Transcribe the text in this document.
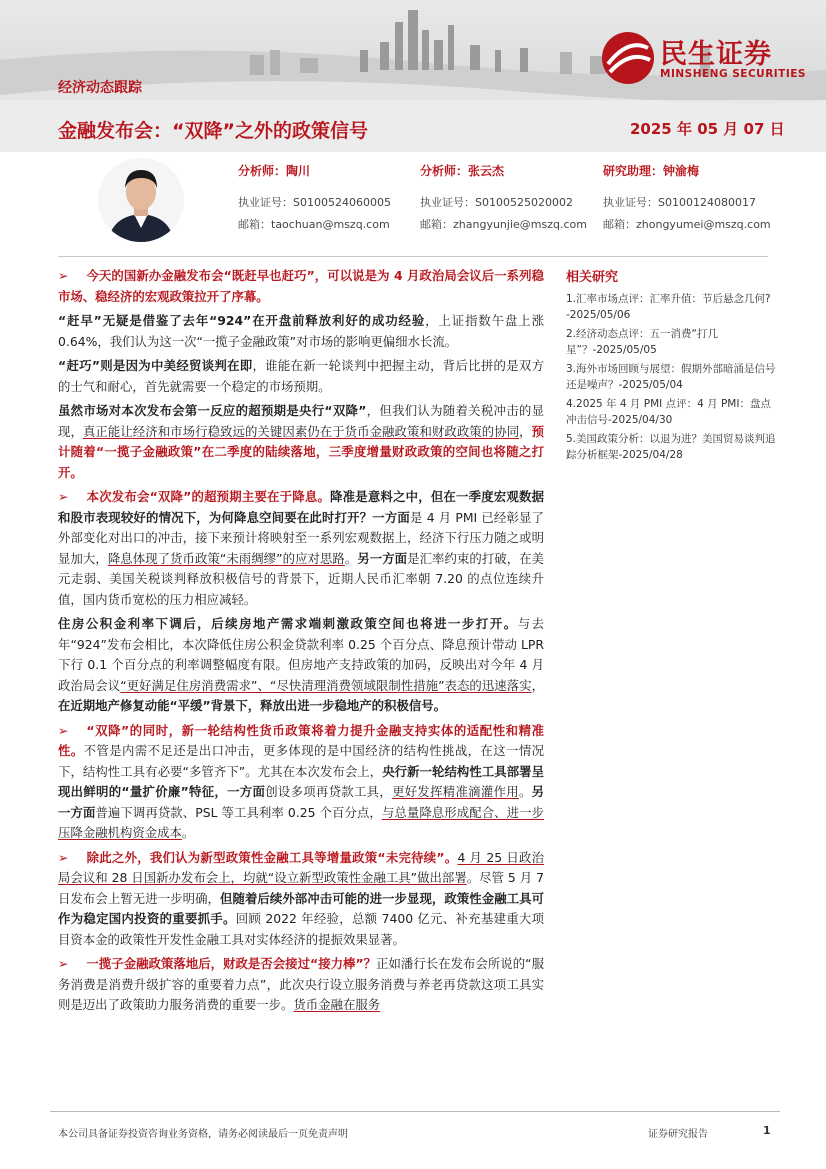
民生证券
MINSHENG SECURITIES
经济动态跟踪
金融发布会：“双降”之外的政策信号	2025 年 05 月 07 日
分析师：陶川
执业证号：S0100524060005
邮箱：taochuan@mszq.com
分析师：张云杰
执业证号：S0100525020002
邮箱：zhangyunjie@mszq.com
研究助理：钟渝梅
执业证号：S0100124080017
邮箱：zhongyumei@mszq.com

➢ 今天的国新办金融发布会“既赶早也赶巧”，可以说是为 4 月政治局会议后一系列稳市场、稳经济的宏观政策拉开了序幕。

“赶早”无疑是借鉴了去年“924”在开盘前释放利好的成功经验，上证指数午盘上涨 0.64%，我们认为这一次“一揽子金融政策”对市场的影响更偏细水长流。

“赶巧”则是因为中美经贸谈判在即，谁能在新一轮谈判中把握主动，背后比拼的是双方的士气和耐心，首先就需要一个稳定的市场预期。

虽然市场对本次发布会第一反应的超预期是央行“双降”，但我们认为随着关税冲击的显现，真正能让经济和市场行稳致远的关键因素仍在于货币金融政策和财政政策的协同，预计随着“一揽子金融政策”在二季度的陆续落地，三季度增量财政政策的空间也将随之打开。

➢ 本次发布会“双降”的超预期主要在于降息。降准是意料之中，但在一季度宏观数据和股市表现较好的情况下，为何降息空间要在此时打开？一方面是 4 月 PMI 已经彰显了外部变化对出口的冲击，接下来预计将映射至一系列宏观数据上，经济下行压力随之或明显加大，降息体现了货币政策“未雨绸缪”的应对思路。另一方面是汇率约束的打破，在美元走弱、美国关税谈判释放积极信号的背景下，近期人民币汇率朝 7.20 的点位连续升值，国内货币宽松的压力相应减轻。

住房公积金利率下调后，后续房地产需求端刺激政策空间也将进一步打开。与去年“924”发布会相比，本次降低住房公积金贷款利率 0.25 个百分点、降息预计带动 LPR 下行 0.1 个百分点的利率调整幅度有限。但房地产支持政策的加码，反映出对今年 4 月政治局会议“更好满足住房消费需求”、“尽快清理消费领域限制性措施”表态的迅速落实，在近期地产修复动能“平缓”背景下，释放出进一步稳地产的积极信号。

➢ “双降”的同时，新一轮结构性货币政策将着力提升金融支持实体的适配性和精准性。不管是内需不足还是出口冲击，更多体现的是中国经济的结构性挑战，在这一情况下，结构性工具有必要“多管齐下”。尤其在本次发布会上，央行新一轮结构性工具部署呈现出鲜明的“量扩价廉”特征，一方面创设多项再贷款工具，更好发挥精准滴灌作用。另一方面普遍下调再贷款、PSL 等工具利率 0.25 个百分点，与总量降息形成配合、进一步压降金融机构资金成本。

➢ 除此之外，我们认为新型政策性金融工具等增量政策“未完待续”。4 月 25 日政治局会议和 28 日国新办发布会上，均就“设立新型政策性金融工具”做出部署。尽管 5 月 7 日发布会上暂无进一步明确，但随着后续外部冲击可能的进一步显现，政策性金融工具可作为稳定国内投资的重要抓手。回顾 2022 年经验，总额 7400 亿元、补充基建重大项目资本金的政策性开发性金融工具对实体经济的提振效果显著。

➢ 一揽子金融政策落地后，财政是否会接过“接力棒”？正如潘行长在发布会所说的“服务消费是消费升级扩容的重要着力点”，此次央行设立服务消费与养老再贷款这项工具实则是迈出了政策助力服务消费的重要一步。货币金融在服务

相关研究
1.汇率市场点评：汇率升值：节后悬念几何?-2025/05/06
2.经济动态点评：五一消费“打几星”？-2025/05/05
3.海外市场回顾与展望：假期外部暗涌是信号还是噪声？-2025/05/04
4.2025 年 4 月 PMI 点评：4 月 PMI：盘点冲击信号-2025/04/30
5.美国政策分析：以退为进？美国贸易谈判追踪分析框架-2025/04/28
本公司具备证券投资咨询业务资格，请务必阅读最后一页免责声明	证券研究报告	1
